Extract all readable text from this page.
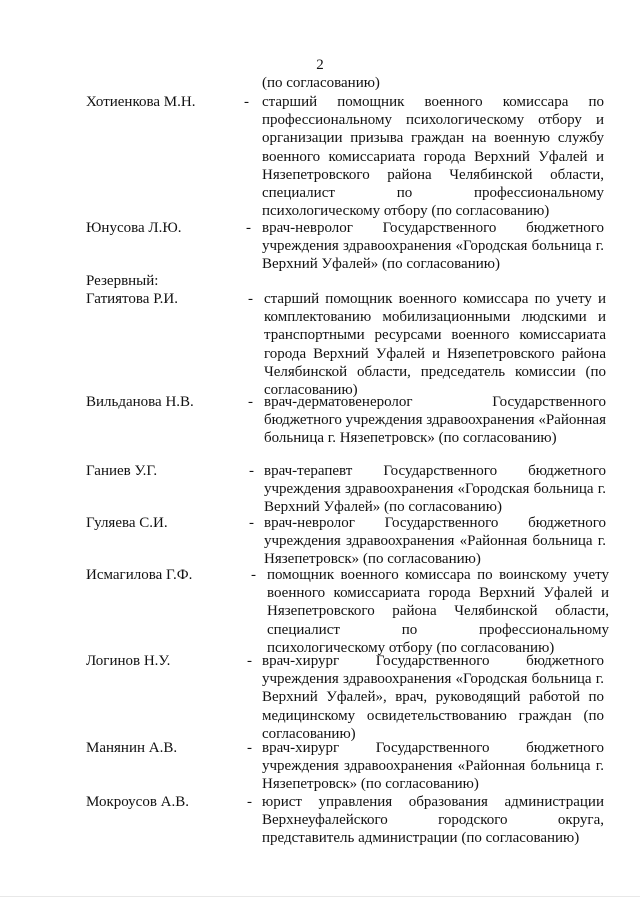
2
(по согласованию)
Хотиенкова М.Н.	- старший помощник военного комиссара по профессиональному психологическому отбору и организации призыва граждан на военную службу военного комиссариата города Верхний Уфалей и Нязепетровского района Челябинской области, специалист по профессиональному психологическому отбору (по согласованию)
Юнусова Л.Ю.	- врач-невролог Государственного бюджетного учреждения здравоохранения «Городская больница г. Верхний Уфалей» (по согласованию)
Резервный:
Гатиятова Р.И.	- старший помощник военного комиссара по учету и комплектованию мобилизационными людскими и транспортными ресурсами военного комиссариата города Верхний Уфалей и Нязепетровского района Челябинской области, председатель комиссии (по согласованию)
Вильданова Н.В.	- врач-дерматовенеролог Государственного бюджетного учреждения здравоохранения «Районная больница г. Нязепетровск» (по согласованию)
Ганиев У.Г.	- врач-терапевт Государственного бюджетного учреждения здравоохранения «Городская больница г. Верхний Уфалей» (по согласованию)
Гуляева С.И.	- врач-невролог Государственного бюджетного учреждения здравоохранения «Районная больница г. Нязепетровск» (по согласованию)
Исмагилова Г.Ф.	- помощник военного комиссара по воинскому учету военного комиссариата города Верхний Уфалей и Нязепетровского района Челябинской области, специалист по профессиональному психологическому отбору (по согласованию)
Логинов Н.У.	- врач-хирург Государственного бюджетного учреждения здравоохранения «Городская больница г. Верхний Уфалей», врач, руководящий работой по медицинскому освидетельствованию граждан (по согласованию)
Манянин А.В.	- врач-хирург Государственного бюджетного учреждения здравоохранения «Районная больница г. Нязепетровск» (по согласованию)
Мокроусов А.В.	- юрист управления образования администрации Верхнеуфалейского городского округа, представитель администрации (по согласованию)
